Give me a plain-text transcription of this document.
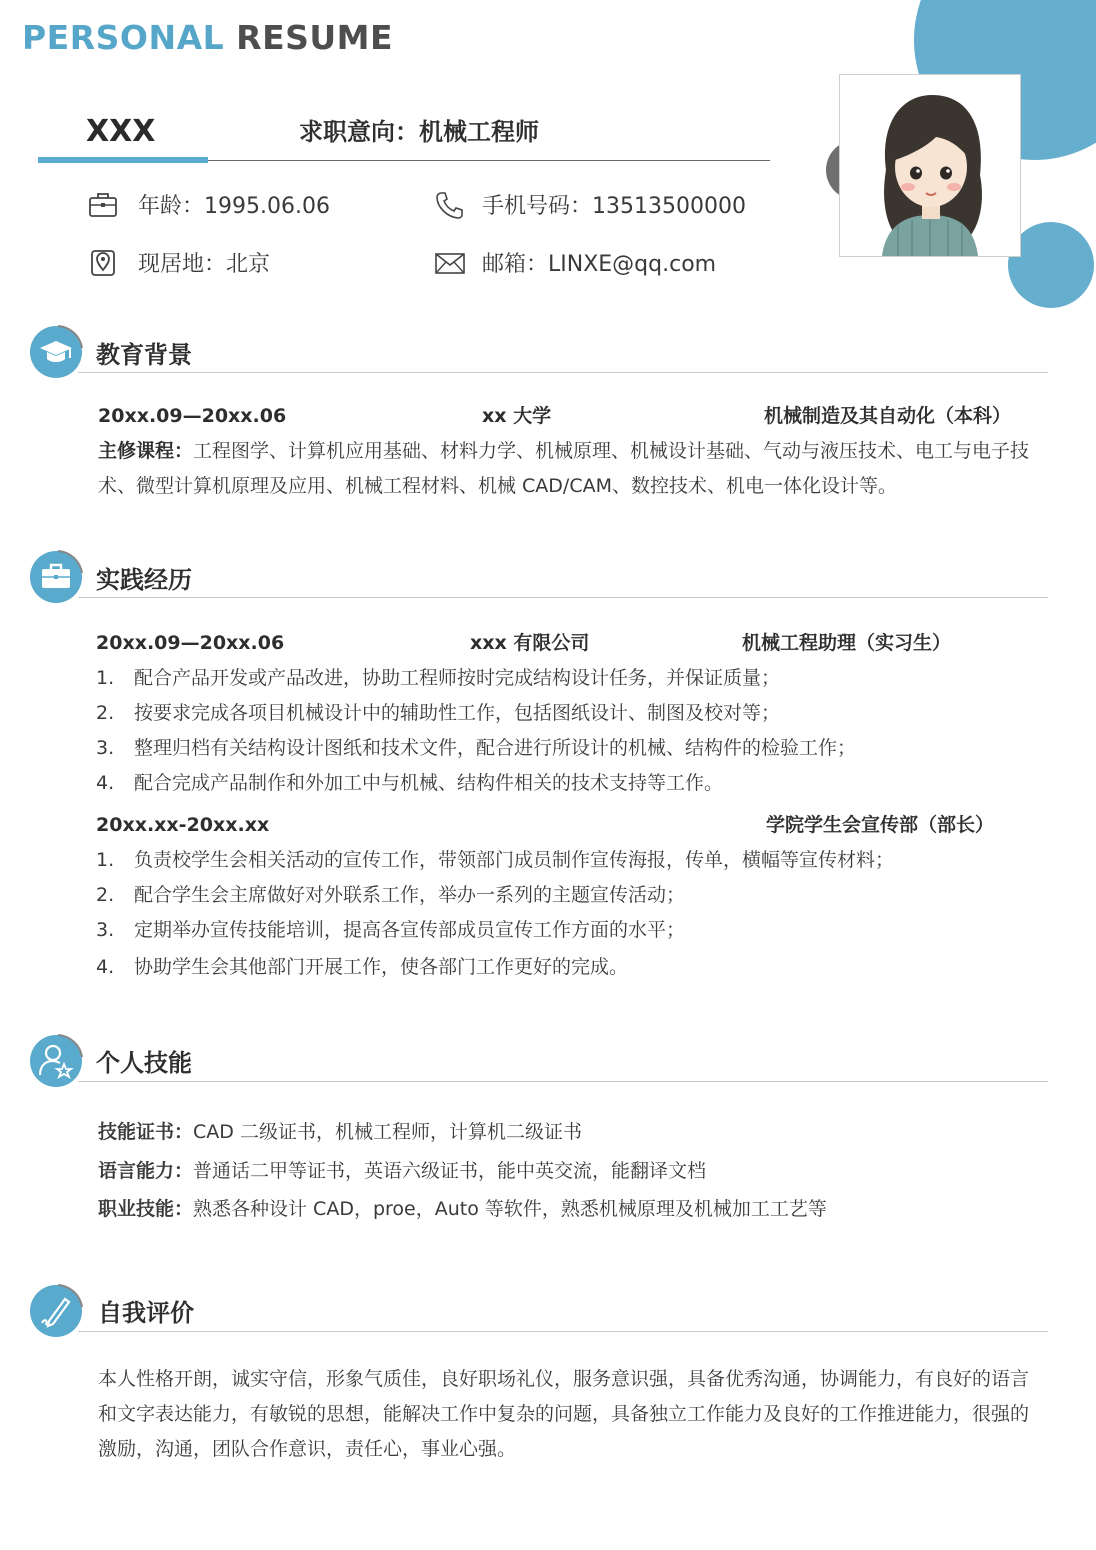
PERSONAL RESUME
XXX	求职意向：机械工程师
年龄：1995.06.06	手机号码：13513500000
现居地：北京	邮箱：LINXE@qq.com
教育背景
20xx.09—20xx.06	xx 大学	机械制造及其自动化（本科）
主修课程：工程图学、计算机应用基础、材料力学、机械原理、机械设计基础、气动与液压技术、电工与电子技术、微型计算机原理及应用、机械工程材料、机械 CAD/CAM、数控技术、机电一体化设计等。
实践经历
20xx.09—20xx.06	xxx 有限公司	机械工程助理（实习生）
1. 配合产品开发或产品改进，协助工程师按时完成结构设计任务，并保证质量；
2. 按要求完成各项目机械设计中的辅助性工作，包括图纸设计、制图及校对等；
3. 整理归档有关结构设计图纸和技术文件，配合进行所设计的机械、结构件的检验工作；
4. 配合完成产品制作和外加工中与机械、结构件相关的技术支持等工作。
20xx.xx-20xx.xx	学院学生会宣传部（部长）
1. 负责校学生会相关活动的宣传工作，带领部门成员制作宣传海报，传单，横幅等宣传材料；
2. 配合学生会主席做好对外联系工作，举办一系列的主题宣传活动；
3. 定期举办宣传技能培训，提高各宣传部成员宣传工作方面的水平；
4. 协助学生会其他部门开展工作，使各部门工作更好的完成。
个人技能
技能证书：CAD 二级证书，机械工程师，计算机二级证书
语言能力：普通话二甲等证书，英语六级证书，能中英交流，能翻译文档
职业技能：熟悉各种设计 CAD，proe，Auto 等软件，熟悉机械原理及机械加工工艺等
自我评价
本人性格开朗，诚实守信，形象气质佳，良好职场礼仪，服务意识强，具备优秀沟通，协调能力，有良好的语言和文字表达能力，有敏锐的思想，能解决工作中复杂的问题，具备独立工作能力及良好的工作推进能力，很强的激励，沟通，团队合作意识，责任心，事业心强。
